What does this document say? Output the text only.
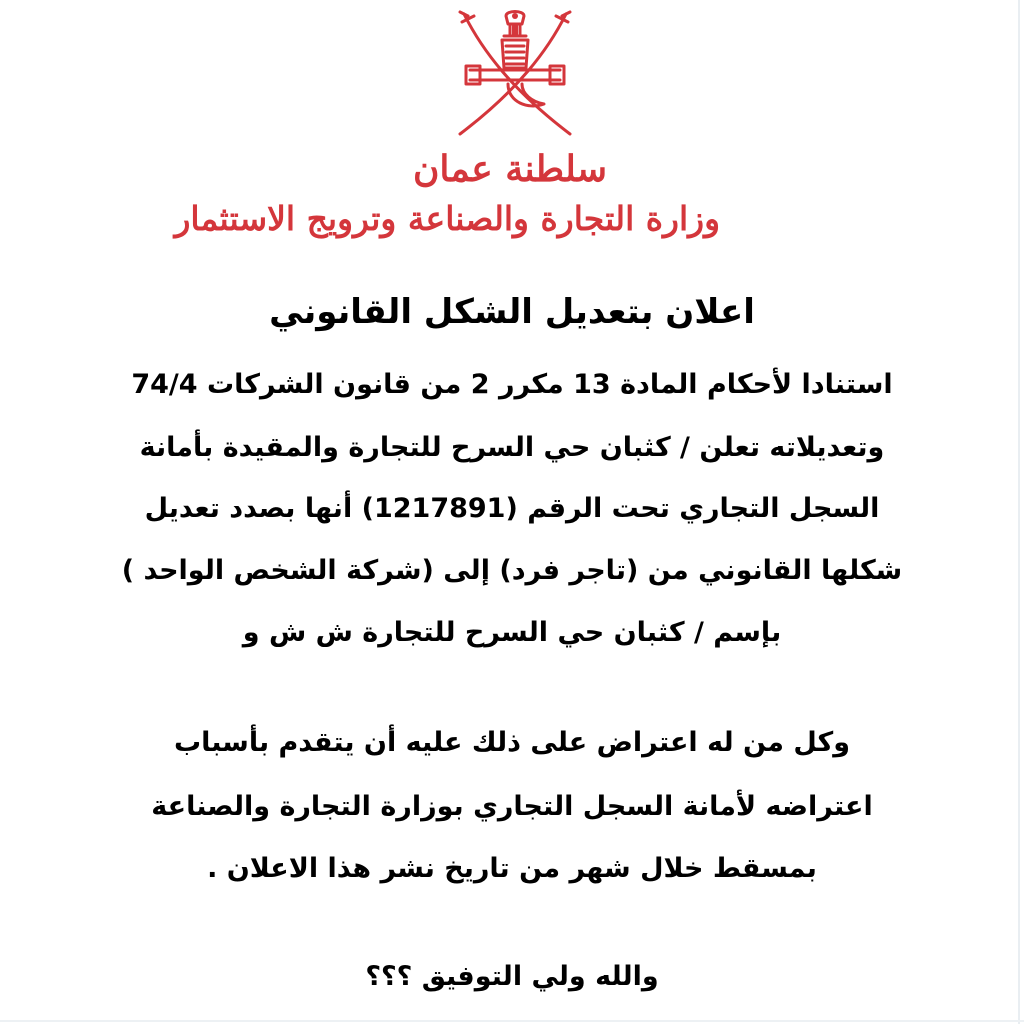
سلطنة عمان
وزارة التجارة والصناعة وترويج الاستثمار
اعلان بتعديل الشكل القانوني
استنادا لأحكام المادة 13 مكرر 2 من قانون الشركات 74/4
وتعديلاته تعلن / كثبان حي السرح للتجارة والمقيدة بأمانة
السجل التجاري تحت الرقم (1217891) أنها بصدد تعديل
شكلها القانوني من (تاجر فرد) إلى (شركة الشخص الواحد )
بإسم / كثبان حي السرح للتجارة ش ش و
وكل من له اعتراض على ذلك عليه أن يتقدم بأسباب
اعتراضه لأمانة السجل التجاري بوزارة التجارة والصناعة
بمسقط خلال شهر من تاريخ نشر هذا الاعلان .
والله ولي التوفيق ؟؟؟
